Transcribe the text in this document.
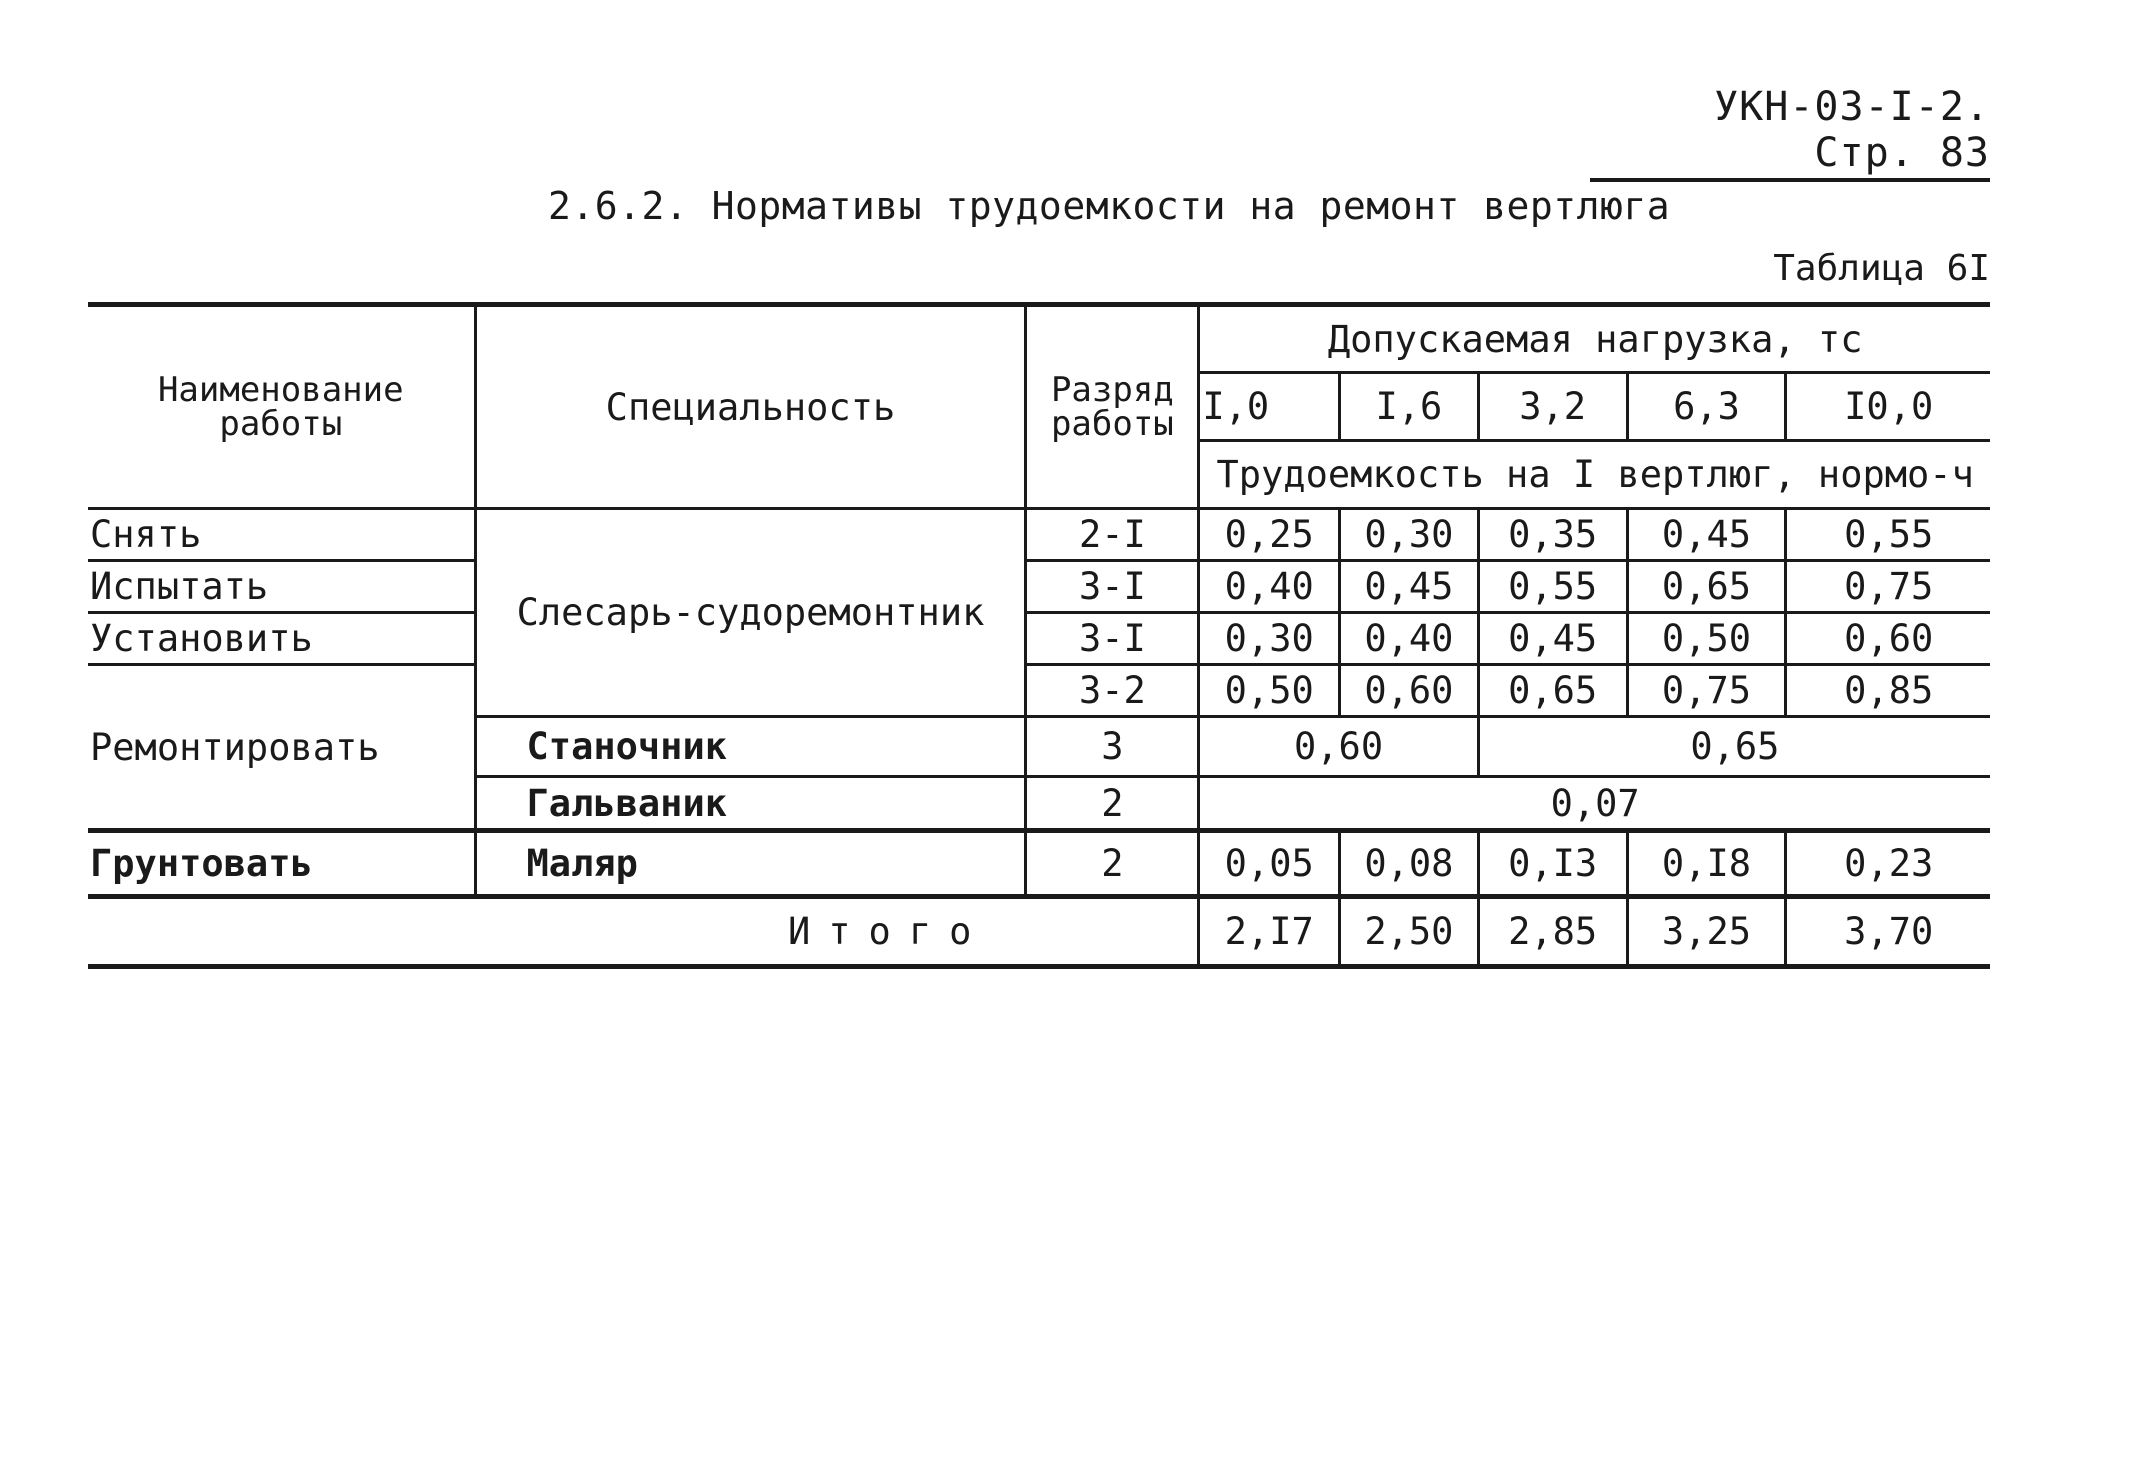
УКН-03-I-2. Стр. 83
2.6.2. Нормативы трудоемкости на ремонт вертлюга
Таблица 6I
Наименование работы	Специальность	Разряд работы	Допускаемая нагрузка, тс				
			I,0	I,6	3,2	6,3	I0,0
			Трудоемкость на I вертлюг, нормо-ч				
Снять	Слесарь-судоремонтник	2-I	0,25	0,30	0,35	0,45	0,55
Испытать		3-I	0,40	0,45	0,55	0,65	0,75
Установить		3-I	0,30	0,40	0,45	0,50	0,60
Ремонтировать		3-2	0,50	0,60	0,65	0,75	0,85
	Станочник	3	0,60		0,65		
	Гальваник	2	0,07				
Грунтовать	Маляр	2	0,05	0,08	0,I3	0,I8	0,23
Итого			2,I7	2,50	2,85	3,25	3,70
